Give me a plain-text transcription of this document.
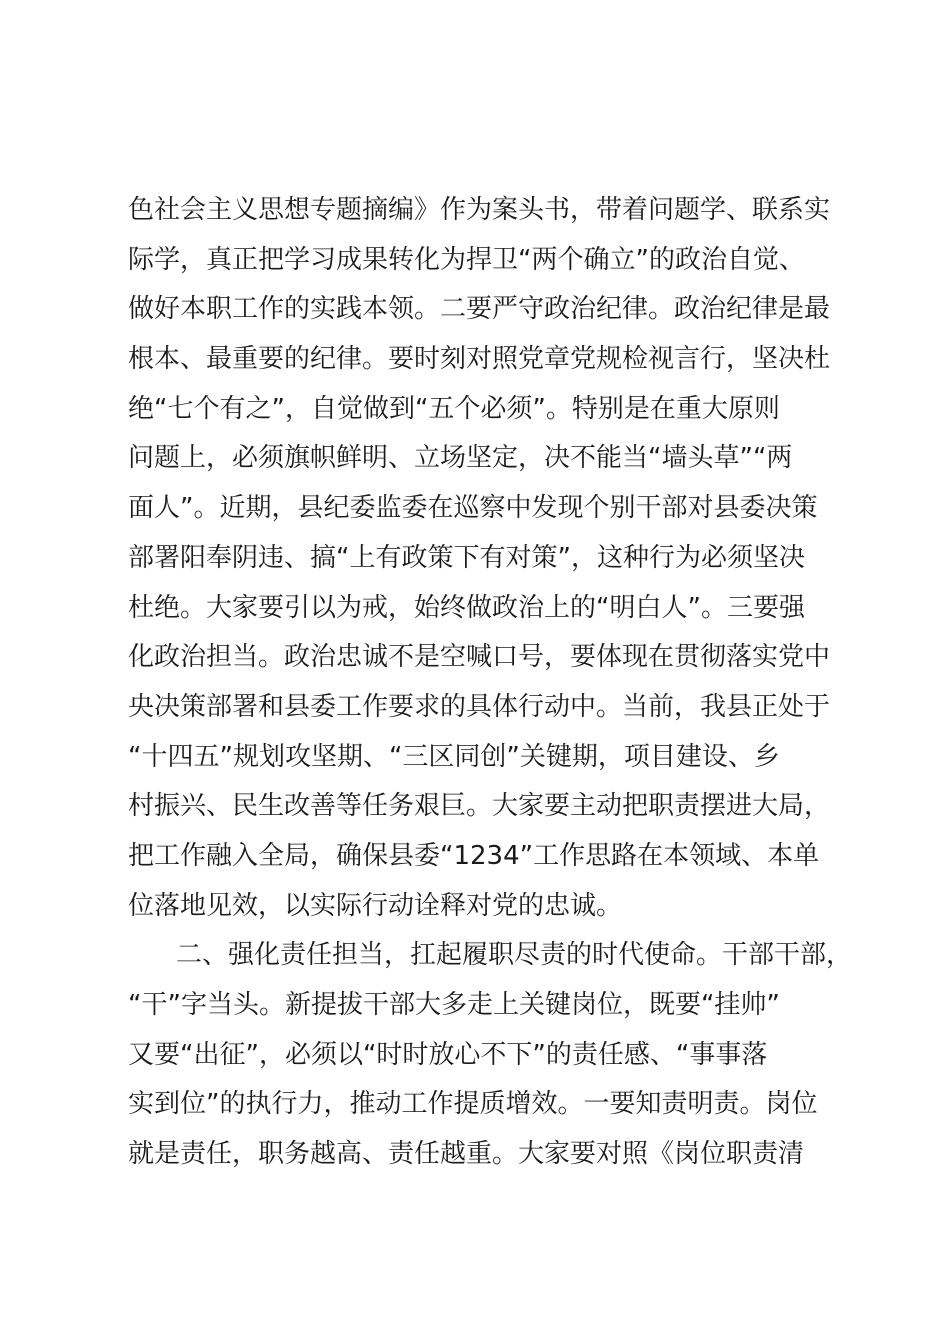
色社会主义思想专题摘编》作为案头书，带着问题学、联系实
际学，真正把学习成果转化为捍卫“两个确立”的政治自觉、
做好本职工作的实践本领。二要严守政治纪律。政治纪律是最
根本、最重要的纪律。要时刻对照党章党规检视言行，坚决杜
绝“七个有之”，自觉做到“五个必须”。特别是在重大原则
问题上，必须旗帜鲜明、立场坚定，决不能当“墙头草”“两
面人”。近期，县纪委监委在巡察中发现个别干部对县委决策
部署阳奉阴违、搞“上有政策下有对策”，这种行为必须坚决
杜绝。大家要引以为戒，始终做政治上的“明白人”。三要强
化政治担当。政治忠诚不是空喊口号，要体现在贯彻落实党中
央决策部署和县委工作要求的具体行动中。当前，我县正处于
“十四五”规划攻坚期、“三区同创”关键期，项目建设、乡
村振兴、民生改善等任务艰巨。大家要主动把职责摆进大局，
把工作融入全局，确保县委“1234”工作思路在本领域、本单
位落地见效，以实际行动诠释对党的忠诚。
二、强化责任担当，扛起履职尽责的时代使命。干部干部，
“干”字当头。新提拔干部大多走上关键岗位，既要“挂帅”
又要“出征”，必须以“时时放心不下”的责任感、“事事落
实到位”的执行力，推动工作提质增效。一要知责明责。岗位
就是责任，职务越高、责任越重。大家要对照《岗位职责清
